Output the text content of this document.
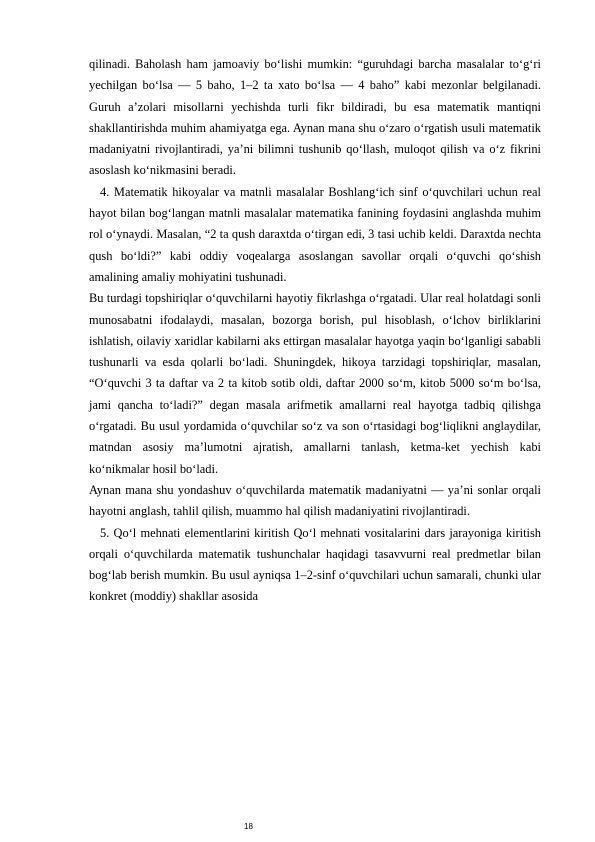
qilinadi. Baholash ham jamoaviy bo‘lishi mumkin: “guruhdagi barcha masalalar to‘g‘ri yechilgan bo‘lsa — 5 baho, 1–2 ta xato bo‘lsa — 4 baho” kabi mezonlar belgilanadi. Guruh a’zolari misollarni yechishda turli fikr bildiradi, bu esa matematik mantiqni shakllantirishda muhim ahamiyatga ega. Aynan mana shu o‘zaro o‘rgatish usuli matematik madaniyatni rivojlantiradi, ya’ni bilimni tushunib qo‘llash, muloqot qilish va o‘z fikrini asoslash ko‘nikmasini beradi.

4. Matematik hikoyalar va matnli masalalar Boshlang‘ich sinf o‘quvchilari uchun real hayot bilan bog‘langan matnli masalalar matematika fanining foydasini anglashda muhim rol o‘ynaydi. Masalan, “2 ta qush daraxtda o‘tirgan edi, 3 tasi uchib keldi. Daraxtda nechta qush bo‘ldi?” kabi oddiy voqealarga asoslangan savollar orqali o‘quvchi qo‘shish amalining amaliy mohiyatini tushunadi.

Bu turdagi topshiriqlar o‘quvchilarni hayotiy fikrlashga o‘rgatadi. Ular real holatdagi sonli munosabatni ifodalaydi, masalan, bozorga borish, pul hisoblash, o‘lchov birliklarini ishlatish, oilaviy xaridlar kabilarni aks ettirgan masalalar hayotga yaqin bo‘lganligi sababli tushunarli va esda qolarli bo‘ladi. Shuningdek, hikoya tarzidagi topshiriqlar, masalan, “O‘quvchi 3 ta daftar va 2 ta kitob sotib oldi, daftar 2000 so‘m, kitob 5000 so‘m bo‘lsa, jami qancha to‘ladi?” degan masala arifmetik amallarni real hayotga tadbiq qilishga o‘rgatadi. Bu usul yordamida o‘quvchilar so‘z va son o‘rtasidagi bog‘liqlikni anglaydilar, matndan asosiy ma’lumotni ajratish, amallarni tanlash, ketma-ket yechish kabi ko‘nikmalar hosil bo‘ladi.

Aynan mana shu yondashuv o‘quvchilarda matematik madaniyatni — ya’ni sonlar orqali hayotni anglash, tahlil qilish, muammo hal qilish madaniyatini rivojlantiradi.

5. Qo‘l mehnati elementlarini kiritish Qo‘l mehnati vositalarini dars jarayoniga kiritish orqali o‘quvchilarda matematik tushunchalar haqidagi tasavvurni real predmetlar bilan bog‘lab berish mumkin. Bu usul ayniqsa 1–2-sinf o‘quvchilari uchun samarali, chunki ular konkret (moddiy) shakllar asosida

18
